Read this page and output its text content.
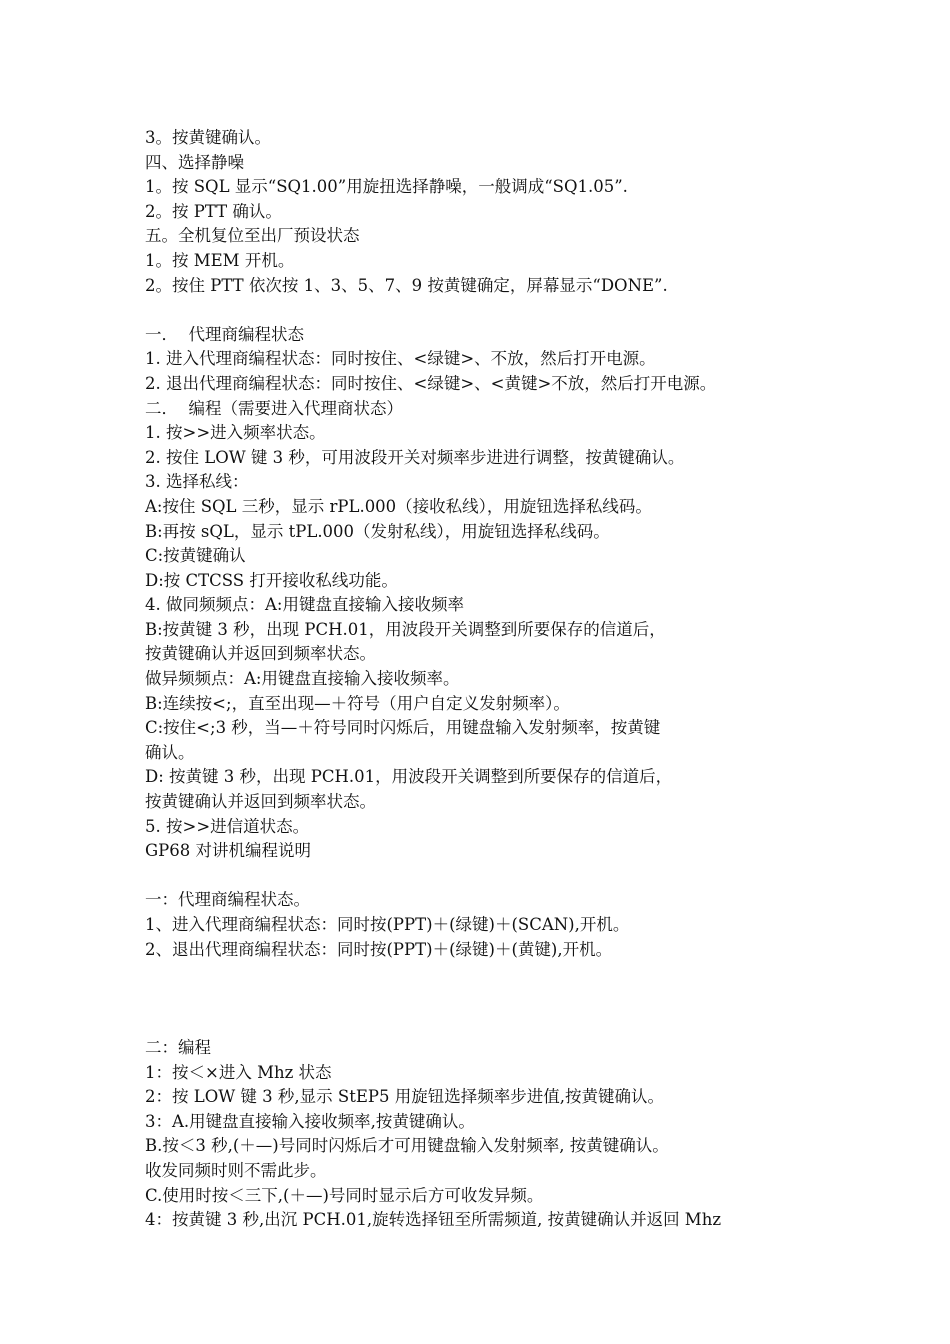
3。按黄键确认。
四、选择静噪
1。按 SQL 显示“SQ1.00”用旋扭选择静噪，一般调成“SQ1.05”.
2。按 PTT 确认。
五。全机复位至出厂预设状态
1。按 MEM 开机。
2。按住 PTT 依次按 1、3、5、7、9 按黄键确定，屏幕显示“DONE”.
一．  代理商编程状态
1. 进入代理商编程状态：同时按住、<绿键>、不放，然后打开电源。
2. 退出代理商编程状态：同时按住、<绿键>、<黄键>不放，然后打开电源。
二．  编程（需要进入代理商状态）
1. 按>>进入频率状态。
2. 按住 LOW 键 3 秒，可用波段开关对频率步进进行调整，按黄键确认。
3. 选择私线：
A:按住 SQL 三秒，显示 rPL.000（接收私线），用旋钮选择私线码。
B:再按 sQL，显示 tPL.000（发射私线），用旋钮选择私线码。
C:按黄键确认
D:按 CTCSS 打开接收私线功能。
4. 做同频频点：A:用键盘直接输入接收频率
B:按黄键 3 秒，出现 PCH.01，用波段开关调整到所要保存的信道后，
按黄键确认并返回到频率状态。
做异频频点：A:用键盘直接输入接收频率。
B:连续按<;，直至出现—＋符号（用户自定义发射频率）。
C:按住<;3 秒，当—＋符号同时闪烁后，用键盘输入发射频率，按黄键
确认。
D: 按黄键 3 秒，出现 PCH.01，用波段开关调整到所要保存的信道后，
按黄键确认并返回到频率状态。
5. 按>>进信道状态。
GP68 对讲机编程说明
一：代理商编程状态。
1、进入代理商编程状态：同时按(PPT)＋(绿键)＋(SCAN),开机。
2、退出代理商编程状态：同时按(PPT)＋(绿键)＋(黄键),开机。
二：编程
1：按＜×进入 Mhz 状态
2：按 LOW 键 3 秒,显示 StEP5 用旋钮选择频率步进值,按黄键确认。
3：A.用键盘直接输入接收频率,按黄键确认。
B.按＜3 秒,(＋—)号同时闪烁后才可用键盘输入发射频率, 按黄键确认。
收发同频时则不需此步。
C.使用时按＜三下,(＋—)号同时显示后方可收发异频。
4：按黄键 3 秒,出沉 PCH.01,旋转选择钮至所需频道, 按黄键确认并返回 Mhz
